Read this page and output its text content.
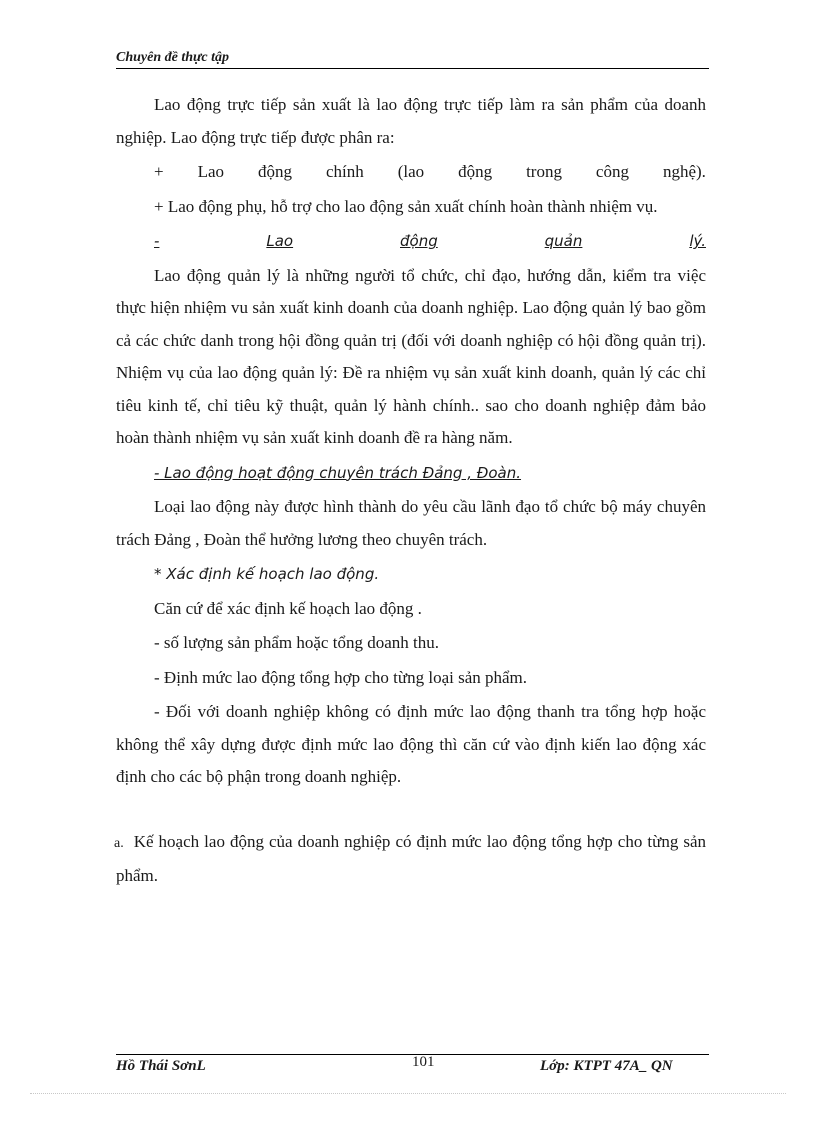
Chuyên đề thực tập

Lao động trực tiếp sản xuất là lao động trực tiếp làm ra sản phẩm của doanh nghiệp. Lao động trực tiếp được phân ra:

+ Lao động chính (lao động trong công nghệ).

+ Lao động phụ, hỗ trợ cho lao động sản xuất chính hoàn thành nhiệm vụ.

-	Lao	động	quản	lý.

Lao động quản lý là những người tổ chức, chỉ đạo, hướng dẫn, kiểm tra việc thực hiện nhiệm vu sản xuất kinh doanh của doanh nghiệp. Lao động quản lý bao gồm cả các chức danh trong hội đồng quản trị (đối với doanh nghiệp có hội đồng quản trị). Nhiệm vụ của lao động quản lý: Đề ra nhiệm vụ sản xuất kinh doanh, quản lý các chỉ tiêu kinh tế, chỉ tiêu kỹ thuật, quản lý hành chính.. sao cho doanh nghiệp đảm bảo hoàn thành nhiệm vụ sản xuất kinh doanh đề ra hàng năm.

- Lao động hoạt động chuyên trách Đảng , Đoàn.

Loại lao động này được hình thành do yêu cầu lãnh đạo tổ chức bộ máy chuyên trách Đảng , Đoàn thể hưởng lương theo chuyên trách.

* Xác định kế hoạch lao động.

Căn cứ để xác định kế hoạch lao động .

- số lượng sản phẩm hoặc tổng doanh thu.

- Định mức lao động tổng hợp cho từng loại sản phẩm.

- Đối với doanh nghiệp không có định mức lao động thanh tra tổng hợp hoặc không thể xây dựng được định mức lao động thì căn cứ vào định kiến lao động xác định cho các bộ phận trong doanh nghiệp.

a. Kế hoạch lao động của doanh nghiệp có định mức lao động tổng hợp cho từng sản phẩm.

Hồ Thái SơnL	101	Lớp: KTPT 47A_ QN
